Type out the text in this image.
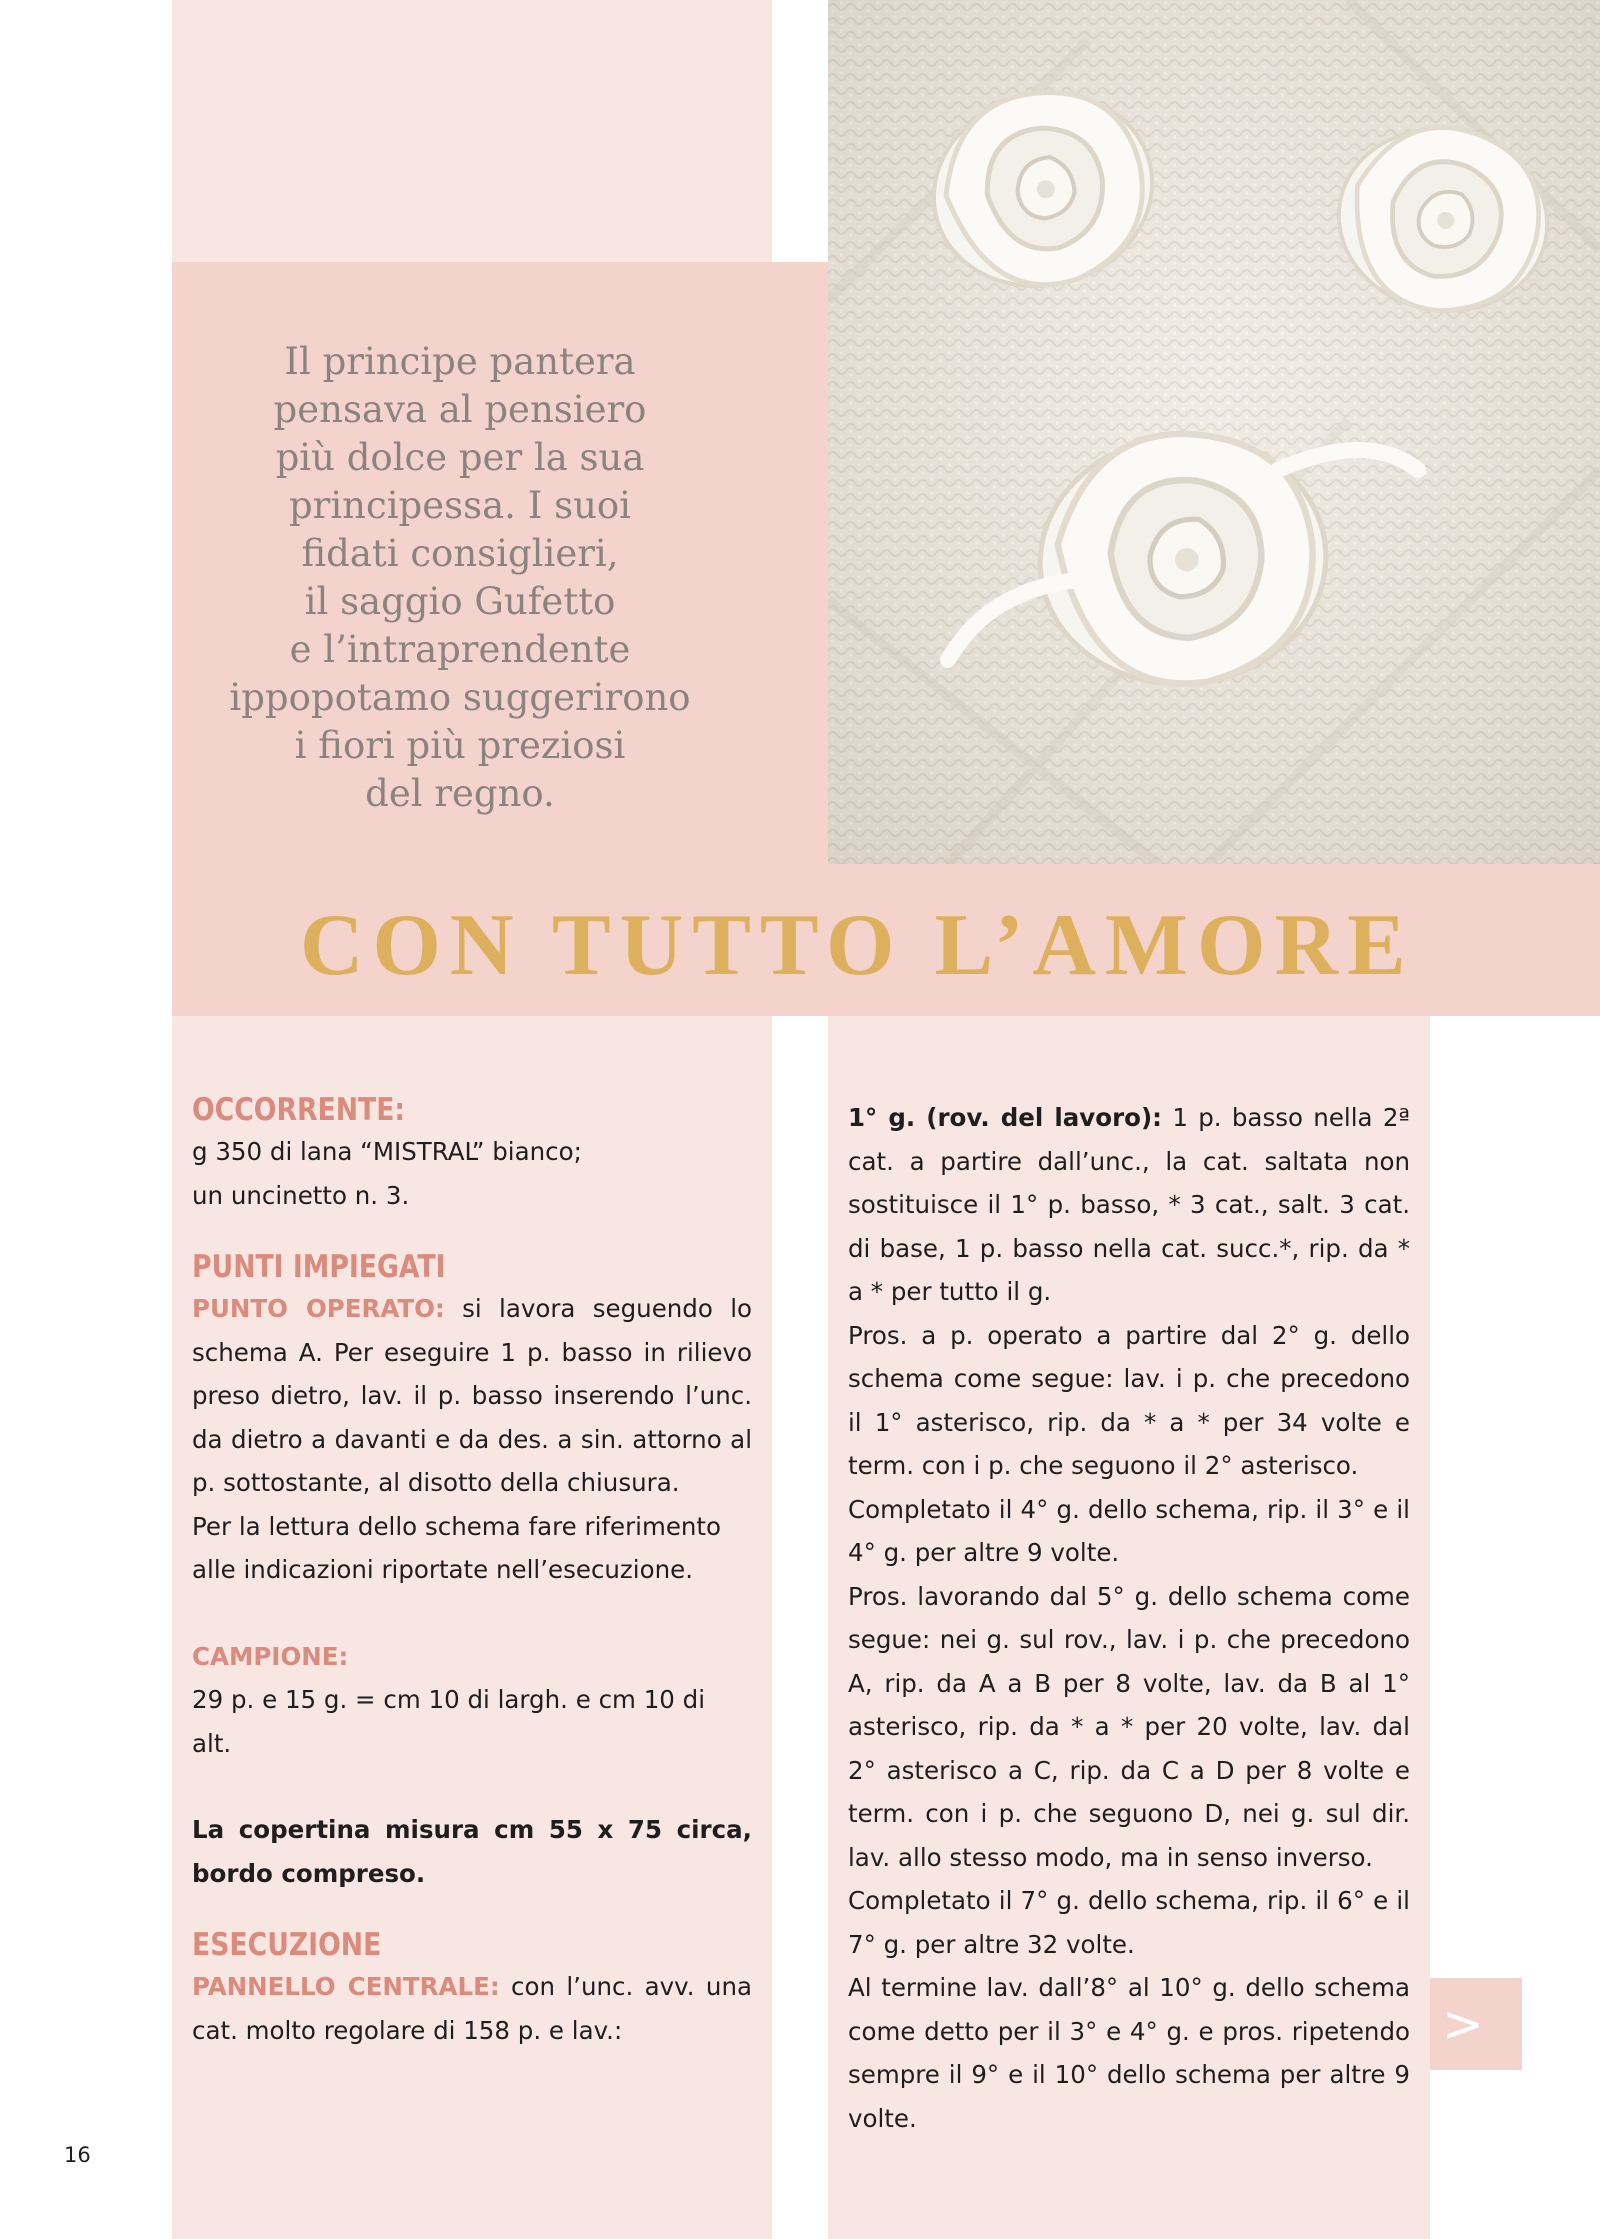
Il principe pantera
pensava al pensiero
più dolce per la sua
principessa. I suoi
fidati consiglieri,
il saggio Gufetto
e l’intraprendente
ippopotamo suggerirono
i fiori più preziosi
del regno.
CON TUTTO L’AMORE

OCCORRENTE:

g 350 di lana “MISTRAL” bianco;

un uncinetto n. 3.

PUNTI IMPIEGATI

PUNTO OPERATO: si lavora seguendo lo schema A. Per eseguire 1 p. basso in rilievo preso dietro, lav. il p. basso inserendo l’unc. da dietro a davanti e da des. a sin. attorno al p. sottostante, al disotto della chiusura.

Per la lettura dello schema fare riferimento alle indicazioni riportate nell’esecuzione.

CAMPIONE:

29 p. e 15 g. = cm 10 di largh. e cm 10 di alt.

La copertina misura cm 55 x 75 circa, bordo compreso.

ESECUZIONE

PANNELLO CENTRALE: con l’unc. avv. una cat. molto regolare di 158 p. e lav.:

1° g. (rov. del lavoro): 1 p. basso nella 2ª cat. a partire dall’unc., la cat. saltata non sostituisce il 1° p. basso, * 3 cat., salt. 3 cat. di base, 1 p. basso nella cat. succ.*, rip. da * a * per tutto il g.

Pros. a p. operato a partire dal 2° g. dello schema come segue: lav. i p. che precedono il 1° asterisco, rip. da * a * per 34 volte e term. con i p. che seguono il 2° asterisco.

Completato il 4° g. dello schema, rip. il 3° e il 4° g. per altre 9 volte.

Pros. lavorando dal 5° g. dello schema come segue: nei g. sul rov., lav. i p. che precedono A, rip. da A a B per 8 volte, lav. da B al 1° asterisco, rip. da * a * per 20 volte, lav. dal 2° asterisco a C, rip. da C a D per 8 volte e term. con i p. che seguono D, nei g. sul dir. lav. allo stesso modo, ma in senso inverso.

Completato il 7° g. dello schema, rip. il 6° e il 7° g. per altre 32 volte.

Al termine lav. dall’8° al 10° g. dello schema come detto per il 3° e 4° g. e pros. ripetendo sempre il 9° e il 10° dello schema per altre 9 volte.

>
16
